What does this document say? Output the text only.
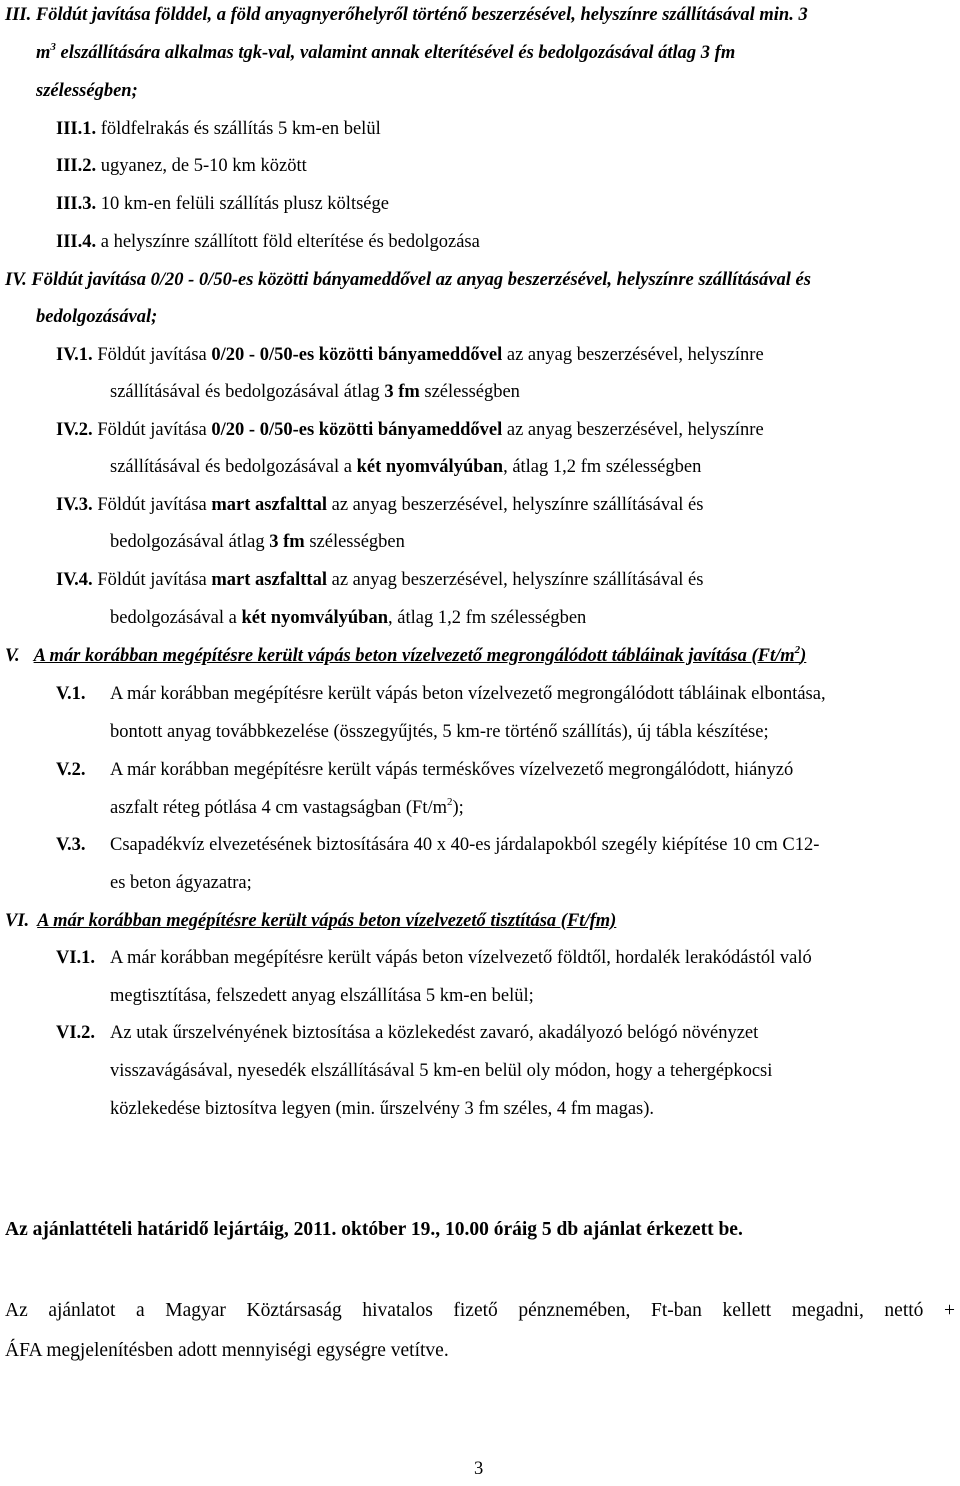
III. Földút javítása földdel, a föld anyagnyerőhelyről történő beszerzésével, helyszínre szállításával min. 3
$m^3$ elszállítására alkalmas tgk-val, valamint annak elterítésével és bedolgozásával átlag 3 fm
szélességben;
III.1. földfelrakás és szállítás 5 km-en belül
III.2. ugyanez, de 5-10 km között
III.3. 10 km-en felüli szállítás plusz költsége
III.4. a helyszínre szállított föld elterítése és bedolgozása
IV. Földút javítása 0/20 - 0/50-es közötti bányameddővel az anyag beszerzésével, helyszínre szállításával és
bedolgozásával;
IV.1. Földút javítása 0/20 - 0/50-es közötti bányameddővel az anyag beszerzésével, helyszínre
szállításával és bedolgozásával átlag 3 fm szélességben
IV.2. Földút javítása 0/20 - 0/50-es közötti bányameddővel az anyag beszerzésével, helyszínre
szállításával és bedolgozásával a két nyomvályúban, átlag 1,2 fm szélességben
IV.3. Földút javítása mart aszfalttal az anyag beszerzésével, helyszínre szállításával és
bedolgozásával átlag 3 fm szélességben
IV.4. Földút javítása mart aszfalttal az anyag beszerzésével, helyszínre szállításával és
bedolgozásával a két nyomvályúban, átlag 1,2 fm szélességben
V. A már korábban megépítésre került vápás beton vízelvezető megrongálódott tábláinak javítása $(Ft/m^2)$
V.1. A már korábban megépítésre került vápás beton vízelvezető megrongálódott tábláinak elbontása,
bontott anyag továbbkezelése (összegyűjtés, 5 km-re történő szállítás), új tábla készítése;
V.2. A már korábban megépítésre került vápás terméskőves vízelvezető megrongálódott, hiányzó
aszfalt réteg pótlása 4 cm vastagságban $(Ft/m^2)$;
V.3. Csapadékvíz elvezetésének biztosítására 40 x 40-es járdalapokból szegély kiépítése 10 cm C12-
es beton ágyazatra;
VI. A már korábban megépítésre került vápás beton vízelvezető tisztítása (Ft/fm)
VI.1. A már korábban megépítésre került vápás beton vízelvezető földtől, hordalék lerakódástól való
megtisztítása, felszedett anyag elszállítása 5 km-en belül;
VI.2. Az utak űrszelvényének biztosítása a közlekedést zavaró, akadályozó belógó növényzet
visszavágásával, nyesedék elszállításával 5 km-en belül oly módon, hogy a tehergépkocsi
közlekedése biztosítva legyen (min. űrszelvény 3 fm széles, 4 fm magas).
Az ajánlattételi határidő lejártáig, 2011. október 19., 10.00 óráig 5 db ajánlat érkezett be.
Az ajánlatot a Magyar Köztársaság hivatalos fizető pénznemében, Ft-ban kellett megadni, nettó +
ÁFA megjelenítésben adott mennyiségi egységre vetítve.
3
